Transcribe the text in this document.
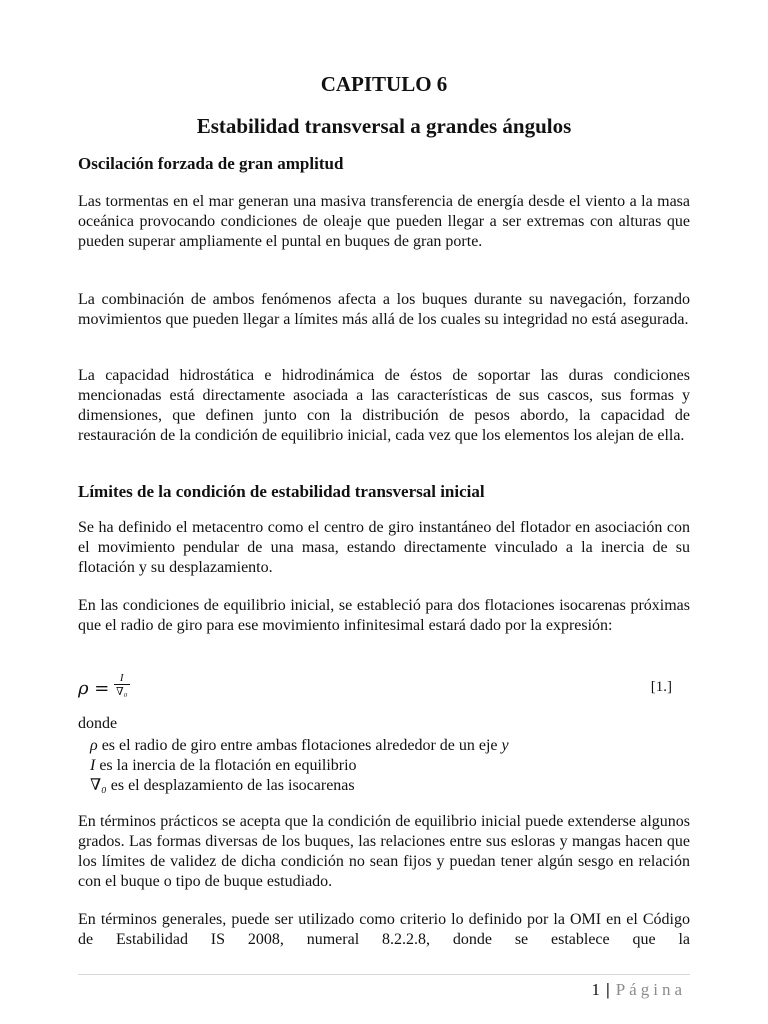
CAPITULO 6
Estabilidad transversal a grandes ángulos
Oscilación forzada de gran amplitud

Las tormentas en el mar generan una masiva transferencia de energía desde el viento a la masa oceánica provocando condiciones de oleaje que pueden llegar a ser extremas con alturas que pueden superar ampliamente el puntal en buques de gran porte.

La combinación de ambos fenómenos afecta a los buques durante su navegación, forzando movimientos que pueden llegar a límites más allá de los cuales su integridad no está asegurada.

La capacidad hidrostática e hidrodinámica de éstos de soportar las duras condiciones mencionadas está directamente asociada a las características de sus cascos, sus formas y dimensiones, que definen junto con la distribución de pesos abordo, la capacidad de restauración de la condición de equilibrio inicial, cada vez que los elementos los alejan de ella.

Límites de la condición de estabilidad transversal inicial

Se ha definido el metacentro como el centro de giro instantáneo del flotador en asociación con el movimiento pendular de una masa, estando directamente vinculado a la inercia de su flotación y su desplazamiento.

En las condiciones de equilibrio inicial, se estableció para dos flotaciones isocarenas próximas que el radio de giro para ese movimiento infinitesimal estará dado por la expresión:

ρ = I
∇₀	[1.]
donde
ρ es el radio de giro entre ambas flotaciones alrededor de un eje y
I es la inercia de la flotación en equilibrio
∇₀ es el desplazamiento de las isocarenas

En términos prácticos se acepta que la condición de equilibrio inicial puede extenderse algunos grados. Las formas diversas de los buques, las relaciones entre sus esloras y mangas hacen que los límites de validez de dicha condición no sean fijos y puedan tener algún sesgo en relación con el buque o tipo de buque estudiado.

En términos generales, puede ser utilizado como criterio lo definido por la OMI en el Código de Estabilidad IS 2008, numeral 8.2.2.8, donde se establece que la

1 | Página
